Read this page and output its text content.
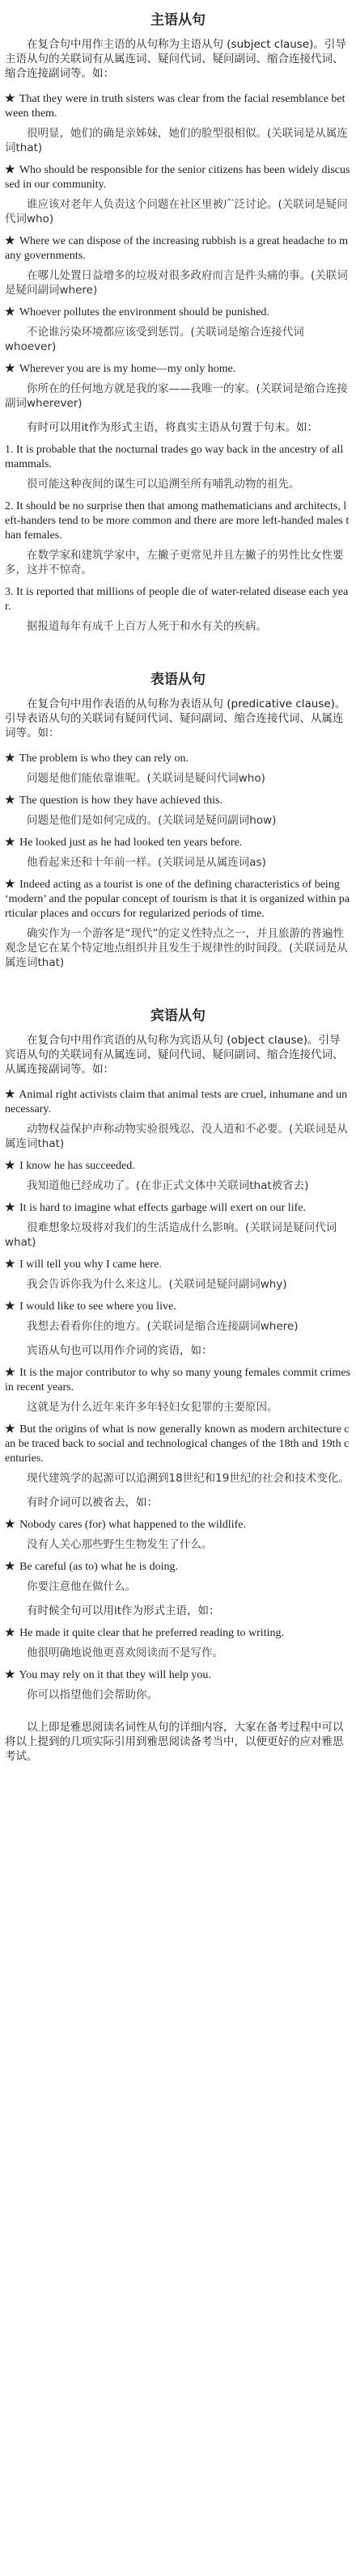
主语从句

在复合句中用作主语的从句称为主语从句 (subject clause)。引导主语从句的关联词有从属连词、疑问代词、疑问副词、缩合连接代词、缩合连接副词等。如：

★ That they were in truth sisters was clear from the facial resemblance between them.
很明显，她们的确是亲姊妹，她们的脸型很相似。(关联词是从属连词that)
★ Who should be responsible for the senior citizens has been widely discussed in our community.
谁应该对老年人负责这个问题在社区里被广泛讨论。(关联词是疑问代词who)
★ Where we can dispose of the increasing rubbish is a great headache to many governments.
在哪儿处置日益增多的垃圾对很多政府而言是件头痛的事。(关联词是疑问副词where)
★ Whoever pollutes the environment should be punished.
不论谁污染环境都应该受到惩罚。(关联词是缩合连接代词whoever)
★ Wherever you are is my home—my only home.
你所在的任何地方就是我的家——我唯一的家。(关联词是缩合连接副词wherever)

有时可以用it作为形式主语，将真实主语从句置于句末。如：

1. It is probable that the nocturnal trades go way back in the ancestry of all mammals.
很可能这种夜间的谋生可以追溯至所有哺乳动物的祖先。
2. It should be no surprise then that among mathematicians and architects, left-handers tend to be more common and there are more left-handed males than females.
在数学家和建筑学家中，左撇子更常见并且左撇子的男性比女性要多，这并不惊奇。
3. It is reported that millions of people die of water-related disease each year.
据报道每年有成千上百万人死于和水有关的疾病。
表语从句

在复合句中用作表语的从句称为表语从句 (predicative clause)。引导表语从句的关联词有疑问代词、疑问副词、缩合连接代词、从属连词等。如：

★ The problem is who they can rely on.
问题是他们能依靠谁呢。(关联词是疑问代词who)
★ The question is how they have achieved this.
问题是他们是如何完成的。(关联词是疑问副词how)
★ He looked just as he had looked ten years before.
他看起来还和十年前一样。(关联词是从属连词as)
★ Indeed acting as a tourist is one of the defining characteristics of being ‘modern’ and the popular concept of tourism is that it is organized within particular places and occurs for regularized periods of time.
确实作为一个游客是“现代”的定义性特点之一，并且旅游的普遍性观念是它在某个特定地点组织并且发生于规律性的时间段。(关联词是从属连词that)
宾语从句

在复合句中用作宾语的从句称为宾语从句 (object clause)。引导宾语从句的关联词有从属连词、疑问代词、疑问副词、缩合连接代词、从属连接副词等。如：

★ Animal right activists claim that animal tests are cruel, inhumane and unnecessary.
动物权益保护声称动物实验很残忍、没人道和不必要。(关联词是从属连词that)
★ I know he has succeeded.
我知道他已经成功了。(在非正式文体中关联词that被省去)
★ It is hard to imagine what effects garbage will exert on our life.
很难想象垃圾将对我们的生活造成什么影响。(关联词是疑问代词what)
★ I will tell you why I came here.
我会告诉你我为什么来这儿。(关联词是疑问副词why)
★ I would like to see where you live.
我想去看看你住的地方。(关联词是缩合连接副词where)

宾语从句也可以用作介词的宾语，如：

★ It is the major contributor to why so many young females commit crimes in recent years.
这就是为什么近年来许多年轻妇女犯罪的主要原因。
★ But the origins of what is now generally known as modern architecture can be traced back to social and technological changes of the 18th and 19th centuries.
现代建筑学的起源可以追溯到18世纪和19世纪的社会和技术变化。

有时介词可以被省去，如：

★ Nobody cares (for) what happened to the wildlife.
没有人关心那些野生生物发生了什么。
★ Be careful (as to) what he is doing.
你要注意他在做什么。

有时候全句可以用it作为形式主语，如：

★ He made it quite clear that he preferred reading to writing.
他很明确地说他更喜欢阅读而不是写作。
★ You may rely on it that they will help you.
你可以指望他们会帮助你。

以上即是雅思阅读名词性从句的详细内容，大家在备考过程中可以将以上提到的几项实际引用到雅思阅读备考当中，以便更好的应对雅思考试。
